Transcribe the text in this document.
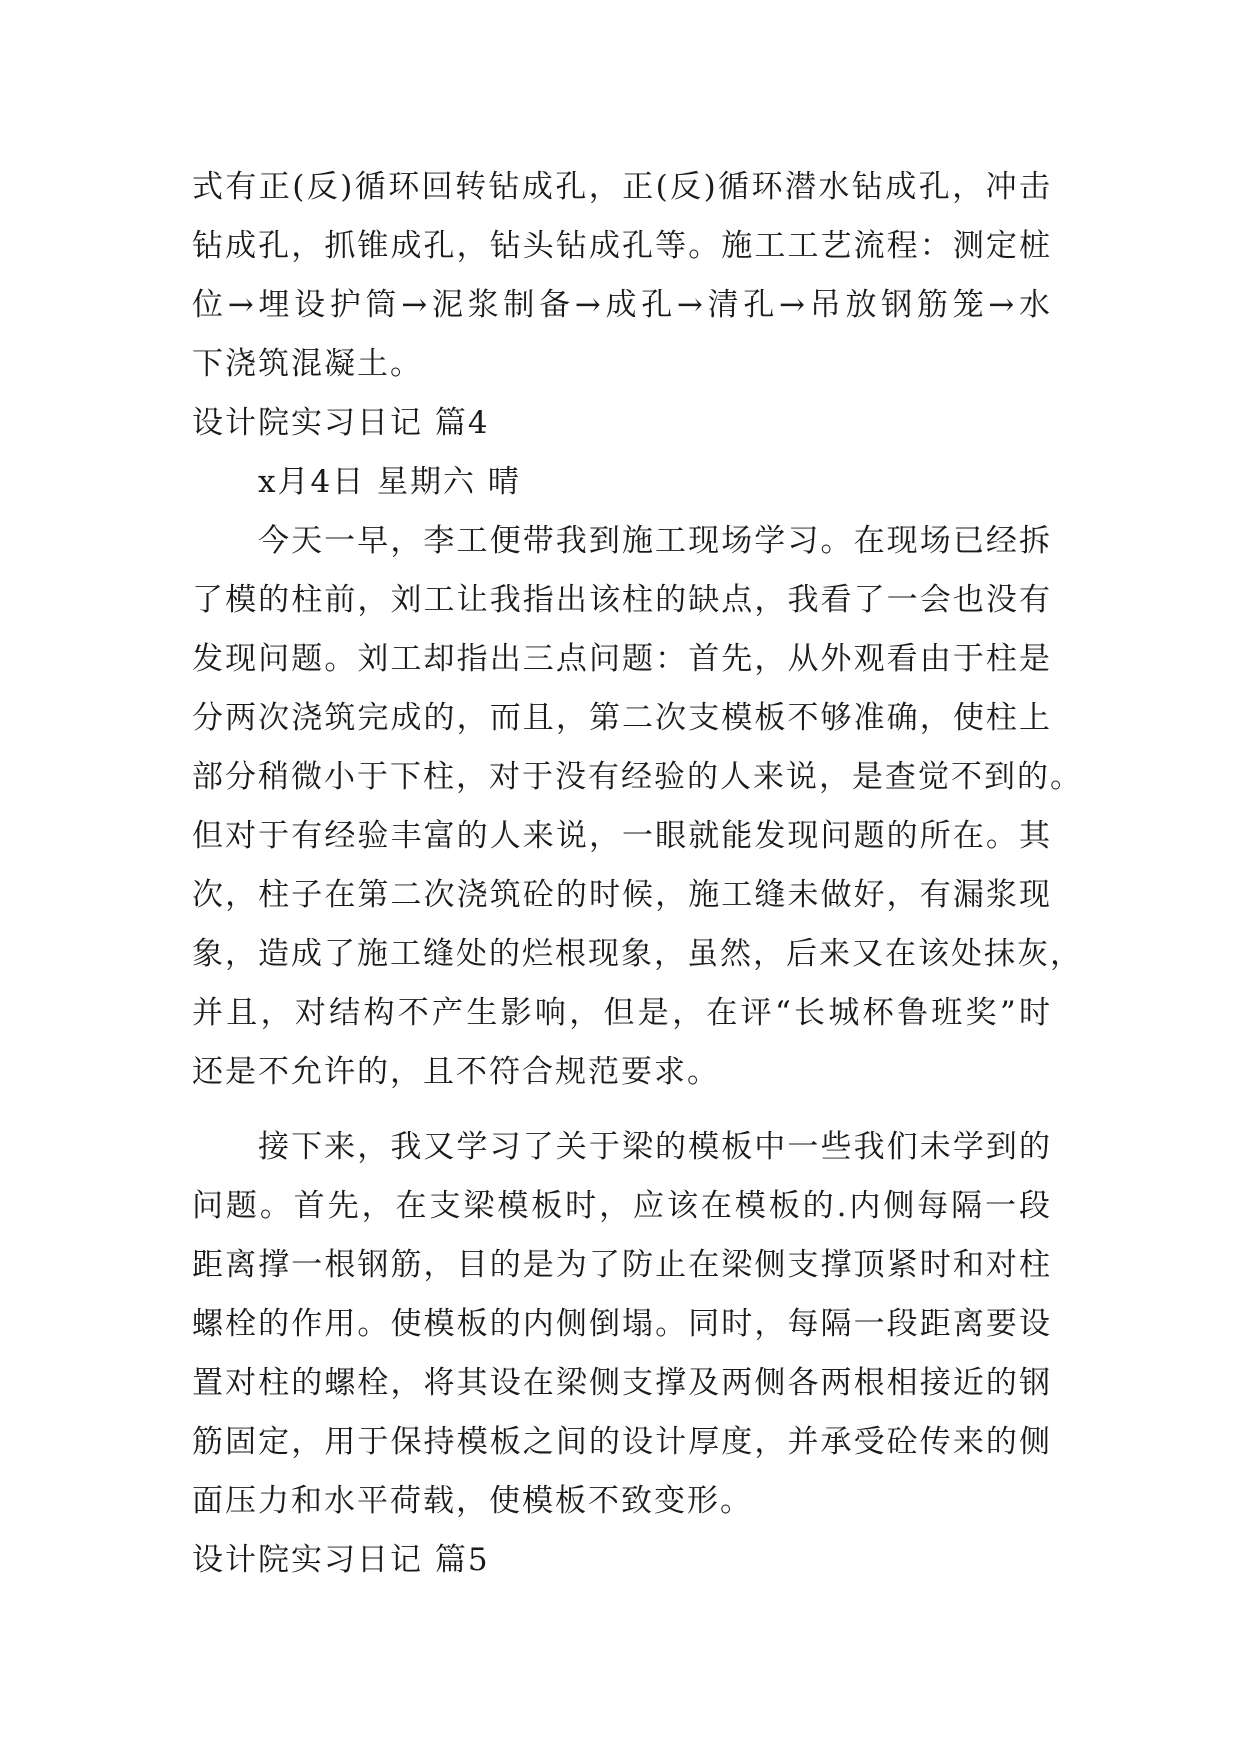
式有正(反)循环回转钻成孔，正(反)循环潜水钻成孔，冲击
钻成孔，抓锥成孔，钻头钻成孔等。施工工艺流程：测定桩
位→埋设护筒→泥浆制备→成孔→清孔→吊放钢筋笼→水
下浇筑混凝土。
设计院实习日记 篇4
x月4日 星期六 晴
今天一早，李工便带我到施工现场学习。在现场已经拆
了模的柱前，刘工让我指出该柱的缺点，我看了一会也没有
发现问题。刘工却指出三点问题：首先，从外观看由于柱是
分两次浇筑完成的，而且，第二次支模板不够准确，使柱上
部分稍微小于下柱，对于没有经验的人来说，是查觉不到的。
但对于有经验丰富的人来说，一眼就能发现问题的所在。其
次，柱子在第二次浇筑砼的时候，施工缝未做好，有漏浆现
象，造成了施工缝处的烂根现象，虽然，后来又在该处抹灰，
并且，对结构不产生影响，但是，在评“长城杯鲁班奖”时
还是不允许的，且不符合规范要求。
接下来，我又学习了关于梁的模板中一些我们未学到的
问题。首先，在支梁模板时，应该在模板的.内侧每隔一段
距离撑一根钢筋，目的是为了防止在梁侧支撑顶紧时和对柱
螺栓的作用。使模板的内侧倒塌。同时，每隔一段距离要设
置对柱的螺栓，将其设在梁侧支撑及两侧各两根相接近的钢
筋固定，用于保持模板之间的设计厚度，并承受砼传来的侧
面压力和水平荷载，使模板不致变形。
设计院实习日记 篇5
